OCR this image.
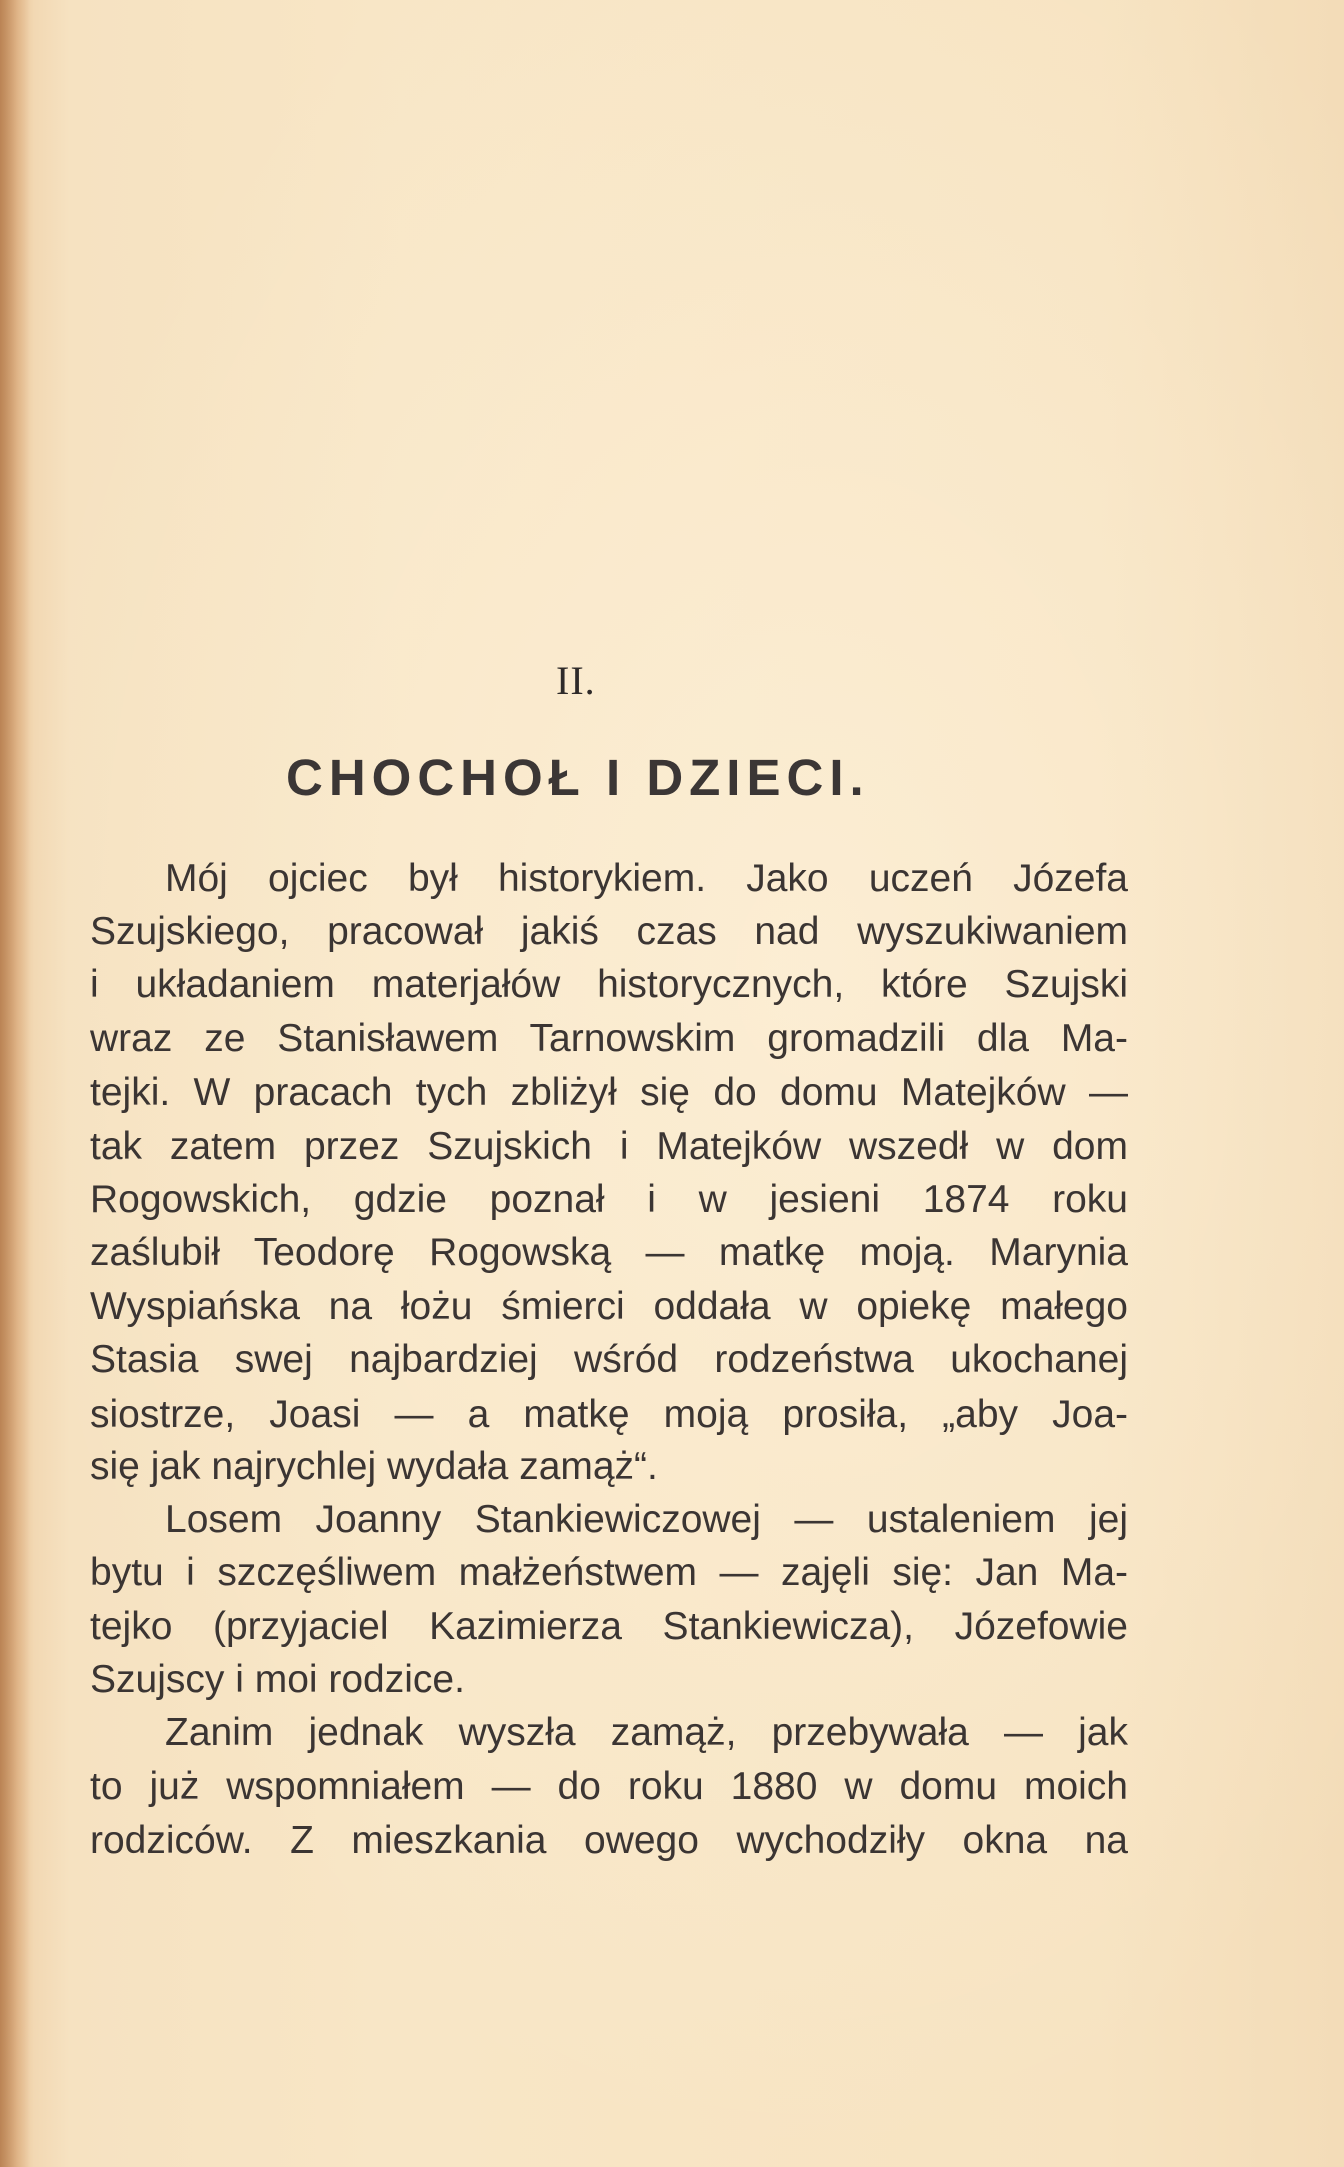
II.
CHOCHOŁ I DZIECI.
Mój ojciec był historykiem. Jako uczeń Józefa
Szujskiego, pracował jakiś czas nad wyszukiwaniem
i układaniem materjałów historycznych, które Szujski
wraz ze Stanisławem Tarnowskim gromadzili dla Ma-
tejki. W pracach tych zbliżył się do domu Matejków —
tak zatem przez Szujskich i Matejków wszedł w dom
Rogowskich, gdzie poznał i w jesieni 1874 roku
zaślubił Teodorę Rogowską — matkę moją. Marynia
Wyspiańska na łożu śmierci oddała w opiekę małego
Stasia swej najbardziej wśród rodzeństwa ukochanej
siostrze, Joasi — a matkę moją prosiła, „aby Joa-
się jak najrychlej wydała zamąż“.
Losem Joanny Stankiewiczowej — ustaleniem jej
bytu i szczęśliwem małżeństwem — zajęli się: Jan Ma-
tejko (przyjaciel Kazimierza Stankiewicza), Józefowie
Szujscy i moi rodzice.
Zanim jednak wyszła zamąż, przebywała — jak
to już wspomniałem — do roku 1880 w domu moich
rodziców. Z mieszkania owego wychodziły okna na
